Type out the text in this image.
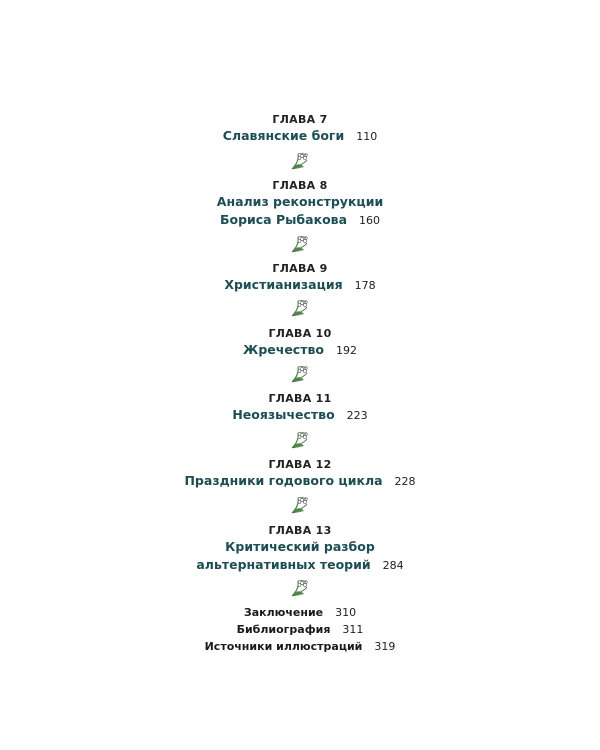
ГЛАВА 7
Славянские боги 110
ГЛАВА 8
Анализ реконструкции
Бориса Рыбакова 160
ГЛАВА 9
Христианизация 178
ГЛАВА 10
Жречество 192
ГЛАВА 11
Неоязычество 223
ГЛАВА 12
Праздники годового цикла 228
ГЛАВА 13
Критический разбор
альтернативных теорий 284
Заключение 310
Библиография 311
Источники иллюстраций 319
